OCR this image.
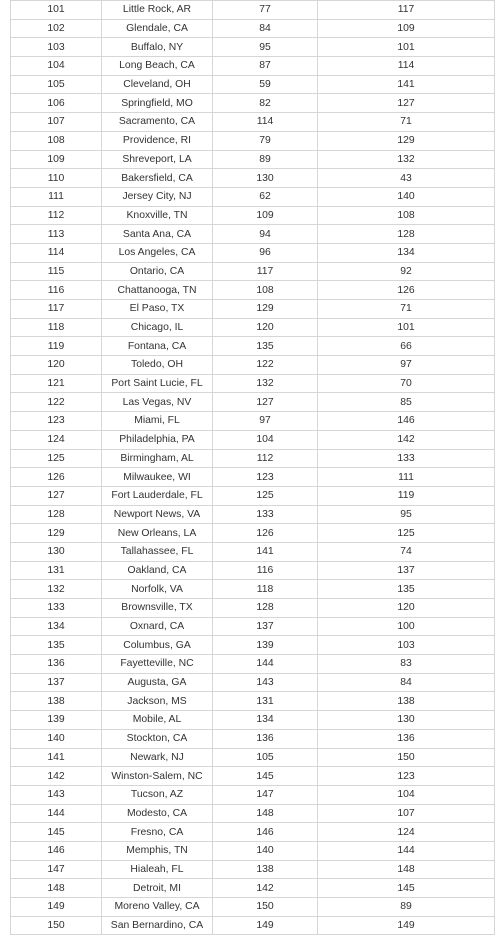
101	Little Rock, AR	77	117
102	Glendale, CA	84	109
103	Buffalo, NY	95	101
104	Long Beach, CA	87	114
105	Cleveland, OH	59	141
106	Springfield, MO	82	127
107	Sacramento, CA	114	71
108	Providence, RI	79	129
109	Shreveport, LA	89	132
110	Bakersfield, CA	130	43
111	Jersey City, NJ	62	140
112	Knoxville, TN	109	108
113	Santa Ana, CA	94	128
114	Los Angeles, CA	96	134
115	Ontario, CA	117	92
116	Chattanooga, TN	108	126
117	El Paso, TX	129	71
118	Chicago, IL	120	101
119	Fontana, CA	135	66
120	Toledo, OH	122	97
121	Port Saint Lucie, FL	132	70
122	Las Vegas, NV	127	85
123	Miami, FL	97	146
124	Philadelphia, PA	104	142
125	Birmingham, AL	112	133
126	Milwaukee, WI	123	111
127	Fort Lauderdale, FL	125	119
128	Newport News, VA	133	95
129	New Orleans, LA	126	125
130	Tallahassee, FL	141	74
131	Oakland, CA	116	137
132	Norfolk, VA	118	135
133	Brownsville, TX	128	120
134	Oxnard, CA	137	100
135	Columbus, GA	139	103
136	Fayetteville, NC	144	83
137	Augusta, GA	143	84
138	Jackson, MS	131	138
139	Mobile, AL	134	130
140	Stockton, CA	136	136
141	Newark, NJ	105	150
142	Winston-Salem, NC	145	123
143	Tucson, AZ	147	104
144	Modesto, CA	148	107
145	Fresno, CA	146	124
146	Memphis, TN	140	144
147	Hialeah, FL	138	148
148	Detroit, MI	142	145
149	Moreno Valley, CA	150	89
150	San Bernardino, CA	149	149
